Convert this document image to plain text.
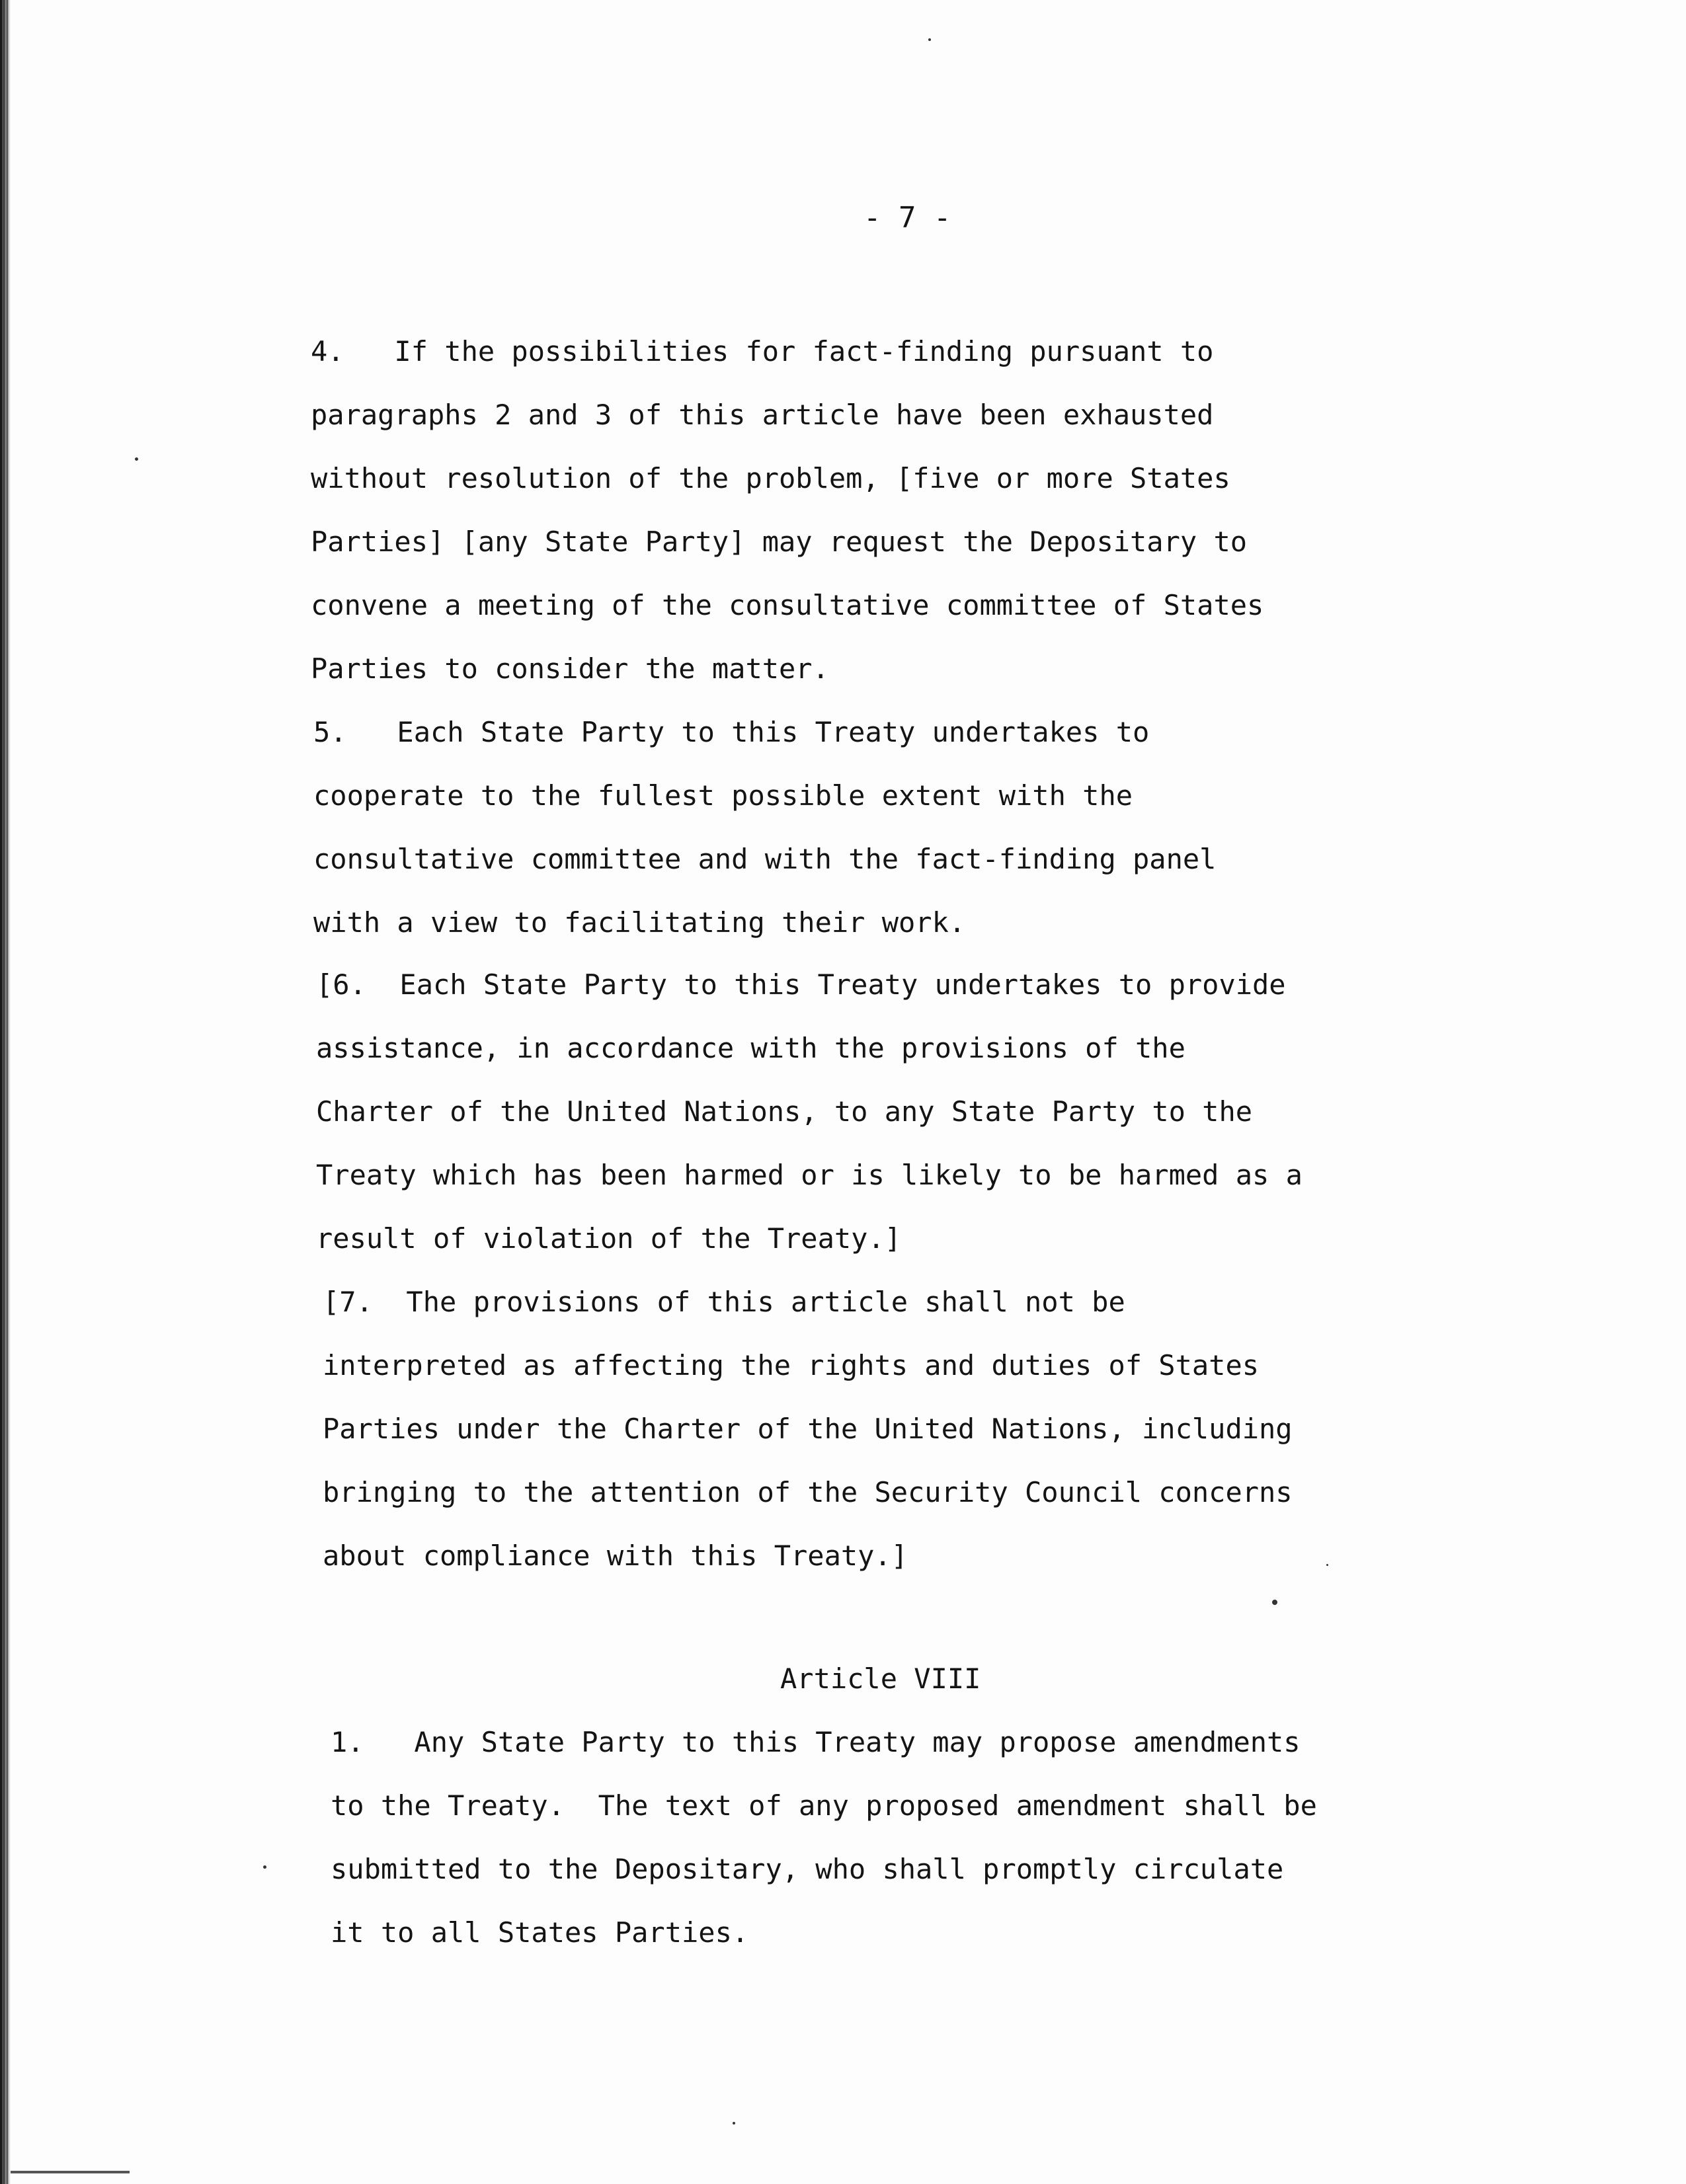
- 7 -
4.   If the possibilities for fact-finding pursuant to
paragraphs 2 and 3 of this article have been exhausted
without resolution of the problem, [five or more States
Parties] [any State Party] may request the Depositary to
convene a meeting of the consultative committee of States
Parties to consider the matter.
5.   Each State Party to this Treaty undertakes to
cooperate to the fullest possible extent with the
consultative committee and with the fact-finding panel
with a view to facilitating their work.
[6.  Each State Party to this Treaty undertakes to provide
assistance, in accordance with the provisions of the
Charter of the United Nations, to any State Party to the
Treaty which has been harmed or is likely to be harmed as a
result of violation of the Treaty.]
[7.  The provisions of this article shall not be
interpreted as affecting the rights and duties of States
Parties under the Charter of the United Nations, including
bringing to the attention of the Security Council concerns
about compliance with this Treaty.]
Article VIII
1.   Any State Party to this Treaty may propose amendments
to the Treaty.  The text of any proposed amendment shall be
submitted to the Depositary, who shall promptly circulate
it to all States Parties.
